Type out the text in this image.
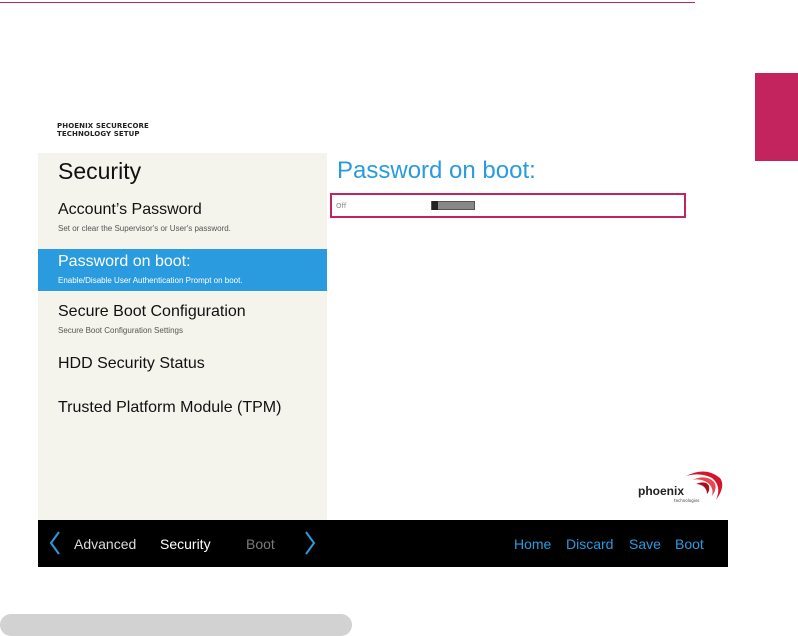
PHOENIX SECURECORE
TECHNOLOGY SETUP
Security
Account’s Password
Set or clear the Supervisor's or User's password.
Password on boot:
Enable/Disable User Authentication Prompt on boot.
Secure Boot Configuration
Secure Boot Configuration Settings
HDD Security Status
Trusted Platform Module (TPM)
Password on boot:
Off
phoenix
technologies
Advanced Security	Boot	Home Discard Save Boot
